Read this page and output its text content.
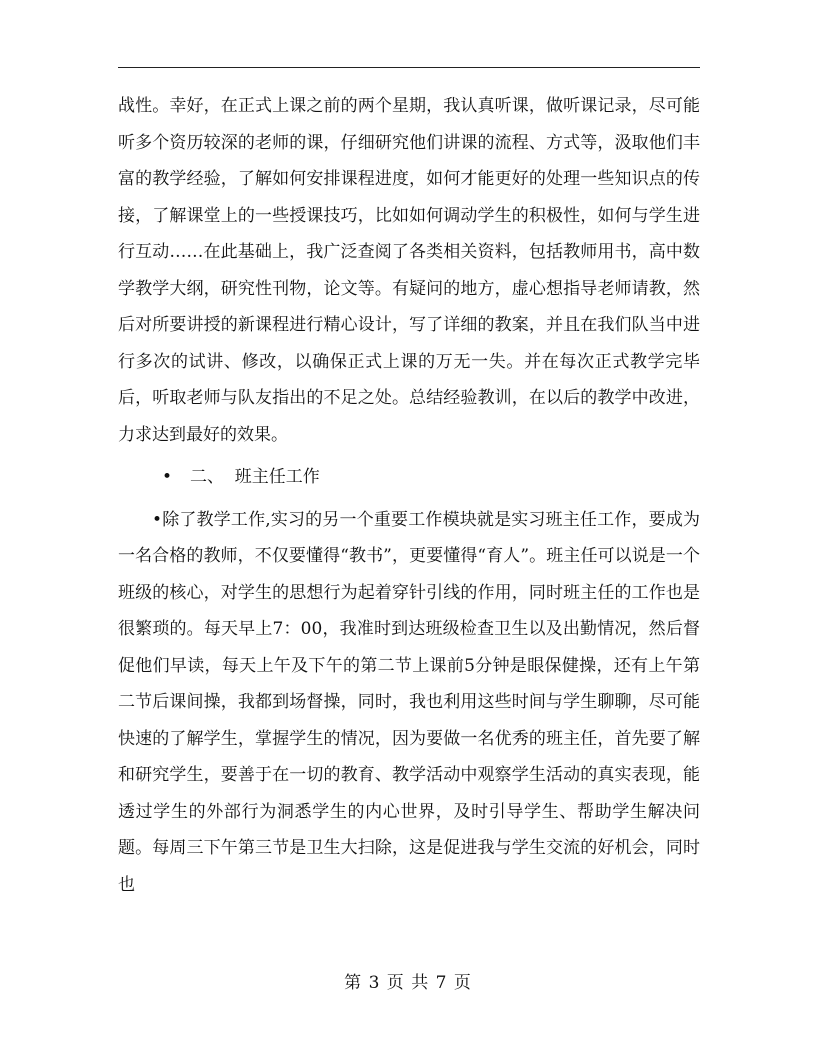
战性。幸好，在正式上课之前的两个星期，我认真听课，做听课记录，尽可能听多个资历较深的老师的课，仔细研究他们讲课的流程、方式等，汲取他们丰富的教学经验，了解如何安排课程进度，如何才能更好的处理一些知识点的传接，了解课堂上的一些授课技巧，比如如何调动学生的积极性，如何与学生进行互动……在此基础上，我广泛查阅了各类相关资料，包括教师用书，高中数学教学大纲，研究性刊物，论文等。有疑问的地方，虚心想指导老师请教，然后对所要讲授的新课程进行精心设计，写了详细的教案，并且在我们队当中进行多次的试讲、修改，以确保正式上课的万无一失。并在每次正式教学完毕后，听取老师与队友指出的不足之处。总结经验教训，在以后的教学中改进，力求达到最好的效果。

• 二、  班主任工作

•除了教学工作,实习的另一个重要工作模块就是实习班主任工作，要成为一名合格的教师，不仅要懂得“教书”，更要懂得“育人”。班主任可以说是一个班级的核心，对学生的思想行为起着穿针引线的作用，同时班主任的工作也是很繁琐的。每天早上7：00，我准时到达班级检查卫生以及出勤情况，然后督促他们早读，每天上午及下午的第二节上课前5分钟是眼保健操，还有上午第二节后课间操，我都到场督操，同时，我也利用这些时间与学生聊聊，尽可能快速的了解学生，掌握学生的情况，因为要做一名优秀的班主任，首先要了解和研究学生，要善于在一切的教育、教学活动中观察学生活动的真实表现，能透过学生的外部行为洞悉学生的内心世界，及时引导学生、帮助学生解决问题。每周三下午第三节是卫生大扫除，这是促进我与学生交流的好机会，同时也

第 3 页 共 7 页
